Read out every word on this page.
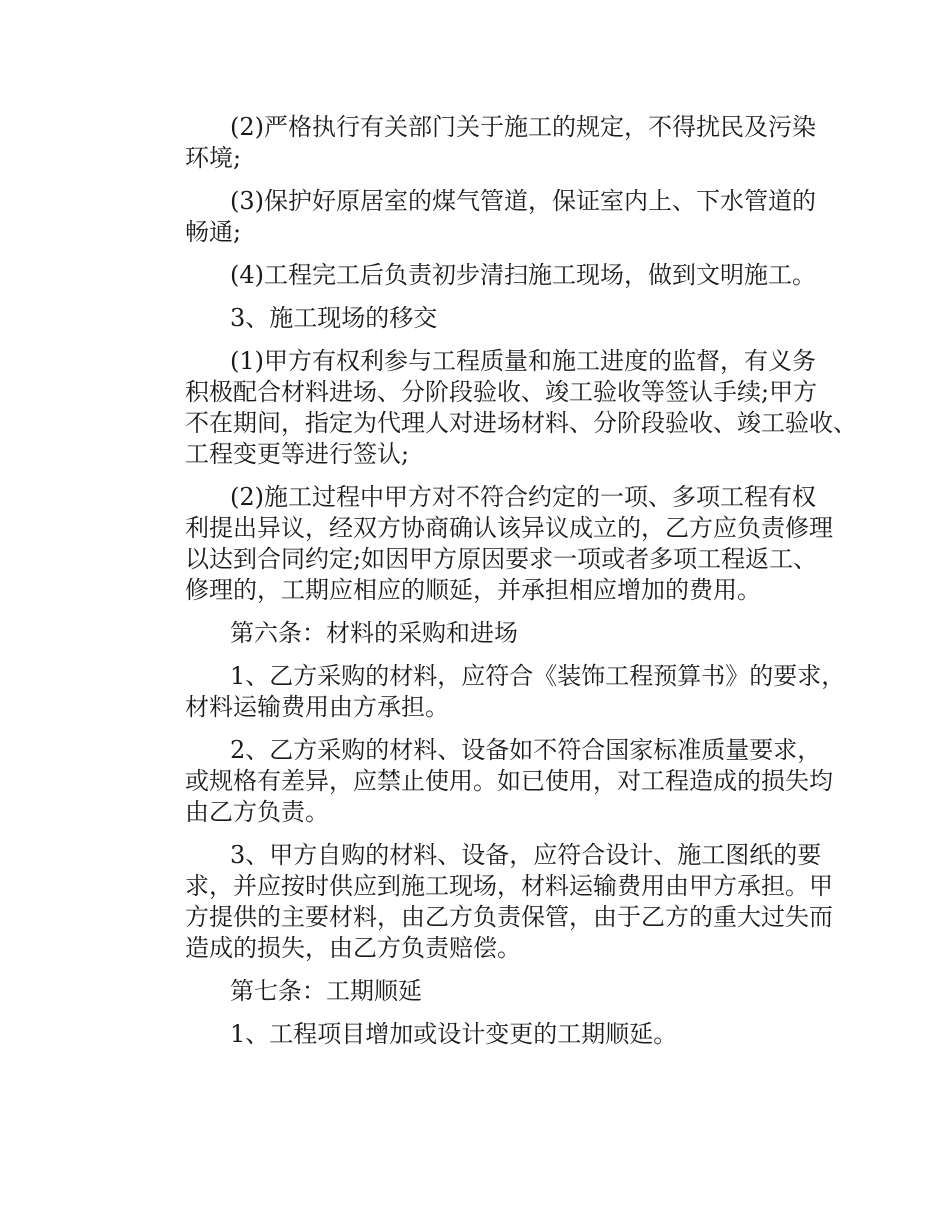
(2)严格执行有关部门关于施工的规定，不得扰民及污染
环境;
(3)保护好原居室的煤气管道，保证室内上、下水管道的
畅通;
(4)工程完工后负责初步清扫施工现场，做到文明施工。
3、施工现场的移交
(1)甲方有权利参与工程质量和施工进度的监督，有义务
积极配合材料进场、分阶段验收、竣工验收等签认手续;甲方
不在期间，指定为代理人对进场材料、分阶段验收、竣工验收、
工程变更等进行签认;
(2)施工过程中甲方对不符合约定的一项、多项工程有权
利提出异议，经双方协商确认该异议成立的，乙方应负责修理
以达到合同约定;如因甲方原因要求一项或者多项工程返工、
修理的，工期应相应的顺延，并承担相应增加的费用。
第六条：材料的采购和进场
1、乙方采购的材料，应符合《装饰工程预算书》的要求，
材料运输费用由方承担。
2、乙方采购的材料、设备如不符合国家标准质量要求，
或规格有差异，应禁止使用。如已使用，对工程造成的损失均
由乙方负责。
3、甲方自购的材料、设备，应符合设计、施工图纸的要
求，并应按时供应到施工现场，材料运输费用由甲方承担。甲
方提供的主要材料，由乙方负责保管，由于乙方的重大过失而
造成的损失，由乙方负责赔偿。
第七条：工期顺延
1、工程项目增加或设计变更的工期顺延。
